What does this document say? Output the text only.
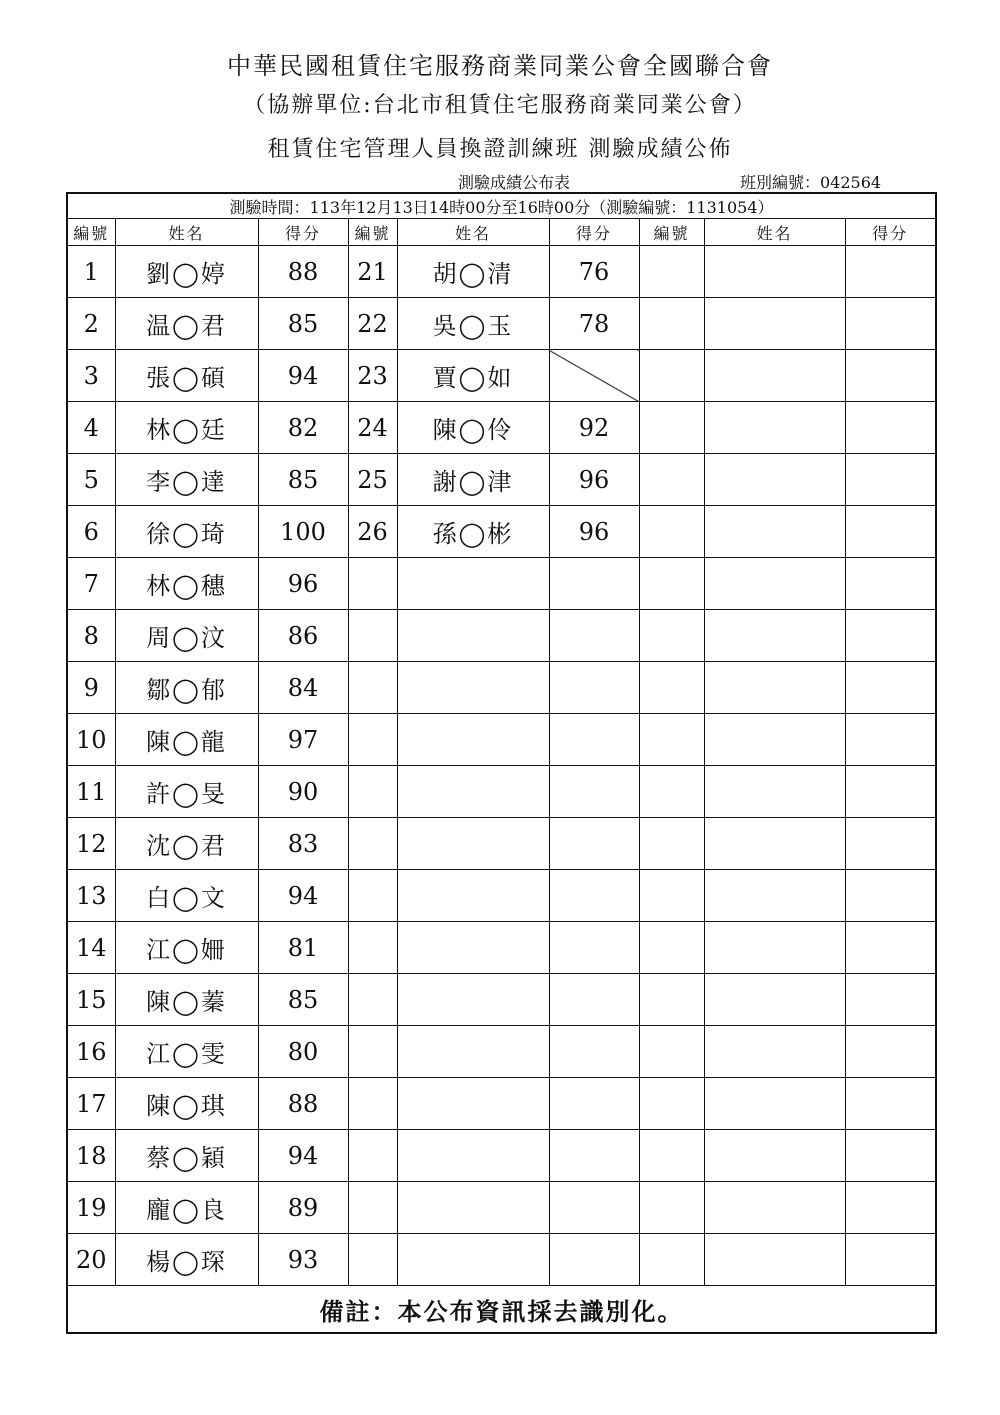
中華民國租賃住宅服務商業同業公會全國聯合會
（協辦單位:台北市租賃住宅服務商業同業公會）
租賃住宅管理人員換證訓練班 測驗成績公佈
測驗成績公布表	班別編號：042564
測驗時間：113年12月13日14時00分至16時00分（測驗編號：1131054）								
編號	姓名	得分	編號	姓名	得分	編號	姓名	得分
1	劉◯婷	88	21	胡◯清	76			
2	温◯君	85	22	吳◯玉	78			
3	張◯碩	94	23	賈◯如				
4	林◯廷	82	24	陳◯伶	92			
5	李◯達	85	25	謝◯津	96			
6	徐◯琦	100	26	孫◯彬	96			
7	林◯穗	96						
8	周◯汶	86						
9	鄒◯郁	84						
10	陳◯龍	97						
11	許◯旻	90						
12	沈◯君	83						
13	白◯文	94						
14	江◯姍	81						
15	陳◯蓁	85						
16	江◯雯	80						
17	陳◯琪	88						
18	蔡◯穎	94						
19	龐◯良	89						
20	楊◯琛	93						
備註：本公布資訊採去識別化。								
